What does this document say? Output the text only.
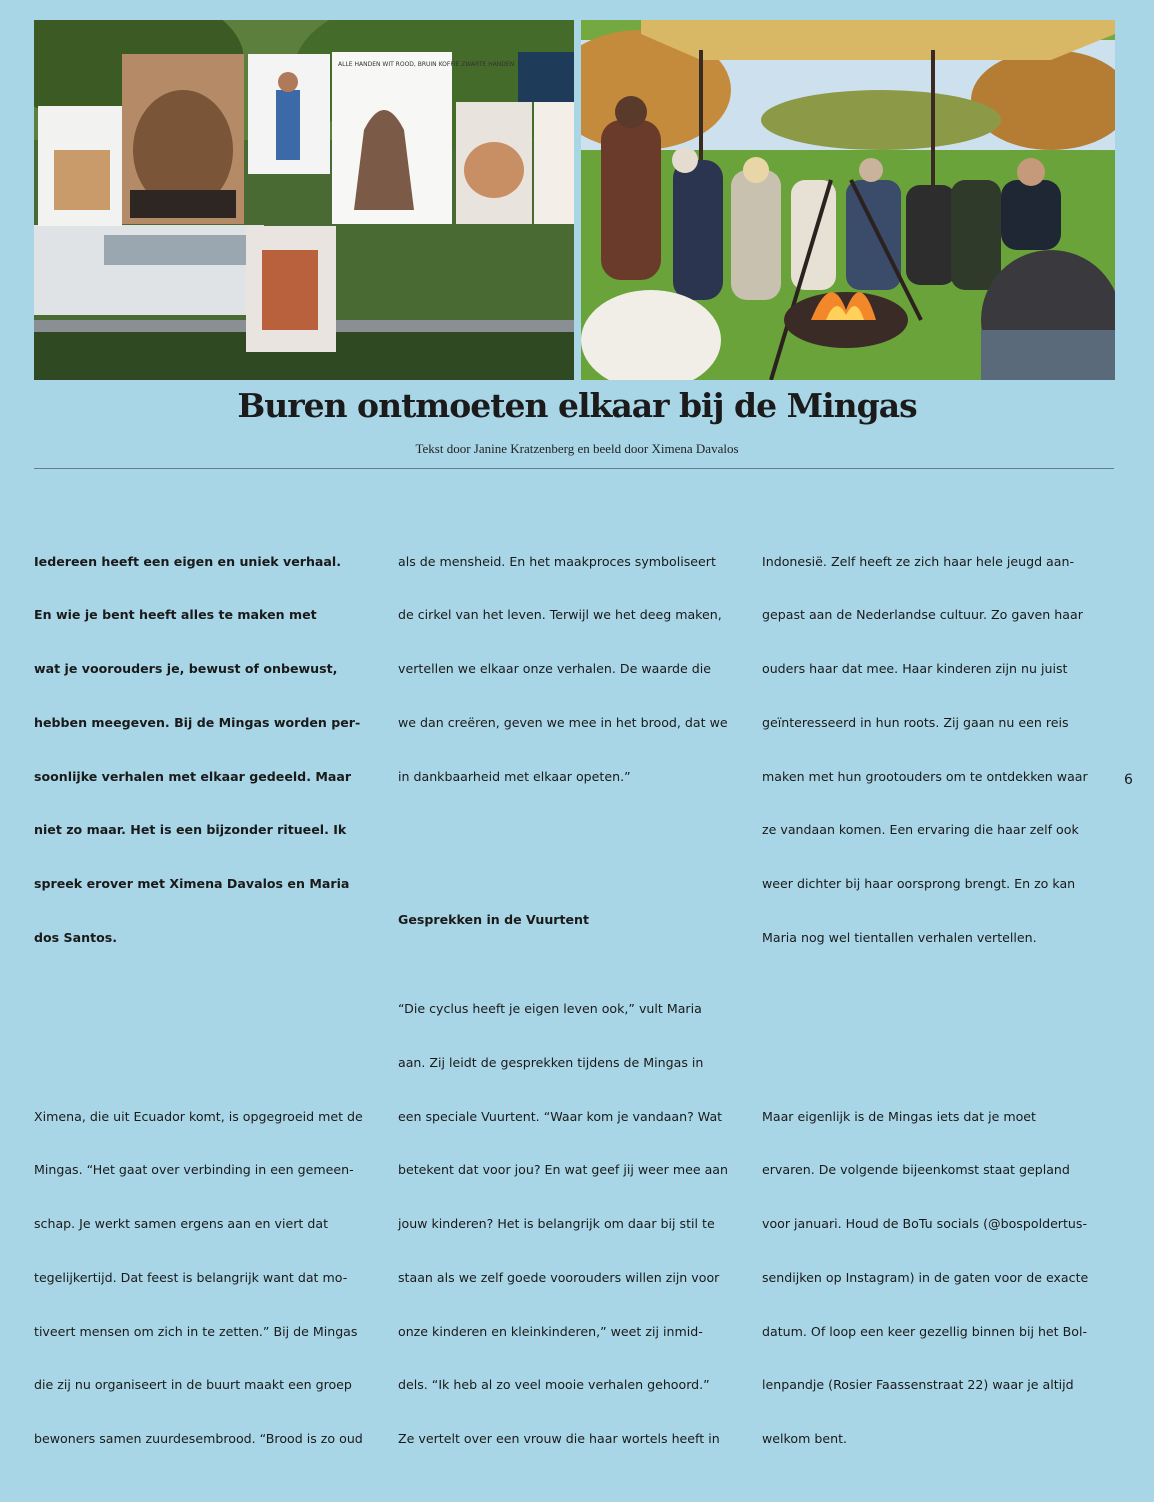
ALLE HANDEN WIT ROOD, BRUIN KOFFIE ZWARTE HANDEN
Buren ontmoeten elkaar bij de Mingas
Tekst door Janine Kratzenberg en beeld door Ximena Davalos

Iedereen heeft een eigen en uniek verhaal.

En wie je bent heeft alles te maken met

wat je voorouders je, bewust of onbewust,

hebben meegeven. Bij de Mingas worden per-

soonlijke verhalen met elkaar gedeeld. Maar

niet zo maar. Het is een bijzonder ritueel. Ik

spreek erover met Ximena Davalos en Maria

dos Santos.

Ximena, die uit Ecuador komt, is opgegroeid met de

Mingas. “Het gaat over verbinding in een gemeen-

schap. Je werkt samen ergens aan en viert dat

tegelijkertijd. Dat feest is belangrijk want dat mo-

tiveert mensen om zich in te zetten.” Bij de Mingas

die zij nu organiseert in de buurt maakt een groep

bewoners samen zuurdesembrood. “Brood is zo oud

als de mensheid. En het maakproces symboliseert

de cirkel van het leven. Terwijl we het deeg maken,

vertellen we elkaar onze verhalen. De waarde die

we dan creëren, geven we mee in het brood, dat we

in dankbaarheid met elkaar opeten.”

Gesprekken in de Vuurtent

“Die cyclus heeft je eigen leven ook,” vult Maria

aan. Zij leidt de gesprekken tijdens de Mingas in

een speciale Vuurtent. “Waar kom je vandaan? Wat

betekent dat voor jou? En wat geef jij weer mee aan

jouw kinderen? Het is belangrijk om daar bij stil te

staan als we zelf goede voorouders willen zijn voor

onze kinderen en kleinkinderen,” weet zij inmid-

dels. “Ik heb al zo veel mooie verhalen gehoord.”

Ze vertelt over een vrouw die haar wortels heeft in

Indonesië. Zelf heeft ze zich haar hele jeugd aan-

gepast aan de Nederlandse cultuur. Zo gaven haar

ouders haar dat mee. Haar kinderen zijn nu juist

geïnteresseerd in hun roots. Zij gaan nu een reis

maken met hun grootouders om te ontdekken waar

ze vandaan komen. Een ervaring die haar zelf ook

weer dichter bij haar oorsprong brengt. En zo kan

Maria nog wel tientallen verhalen vertellen.

Maar eigenlijk is de Mingas iets dat je moet

ervaren. De volgende bijeenkomst staat gepland

voor januari. Houd de BoTu socials (@bospoldertus-

sendijken op Instagram) in de gaten voor de exacte

datum. Of loop een keer gezellig binnen bij het Bol-

lenpandje (Rosier Faassenstraat 22) waar je altijd

welkom bent.

6
